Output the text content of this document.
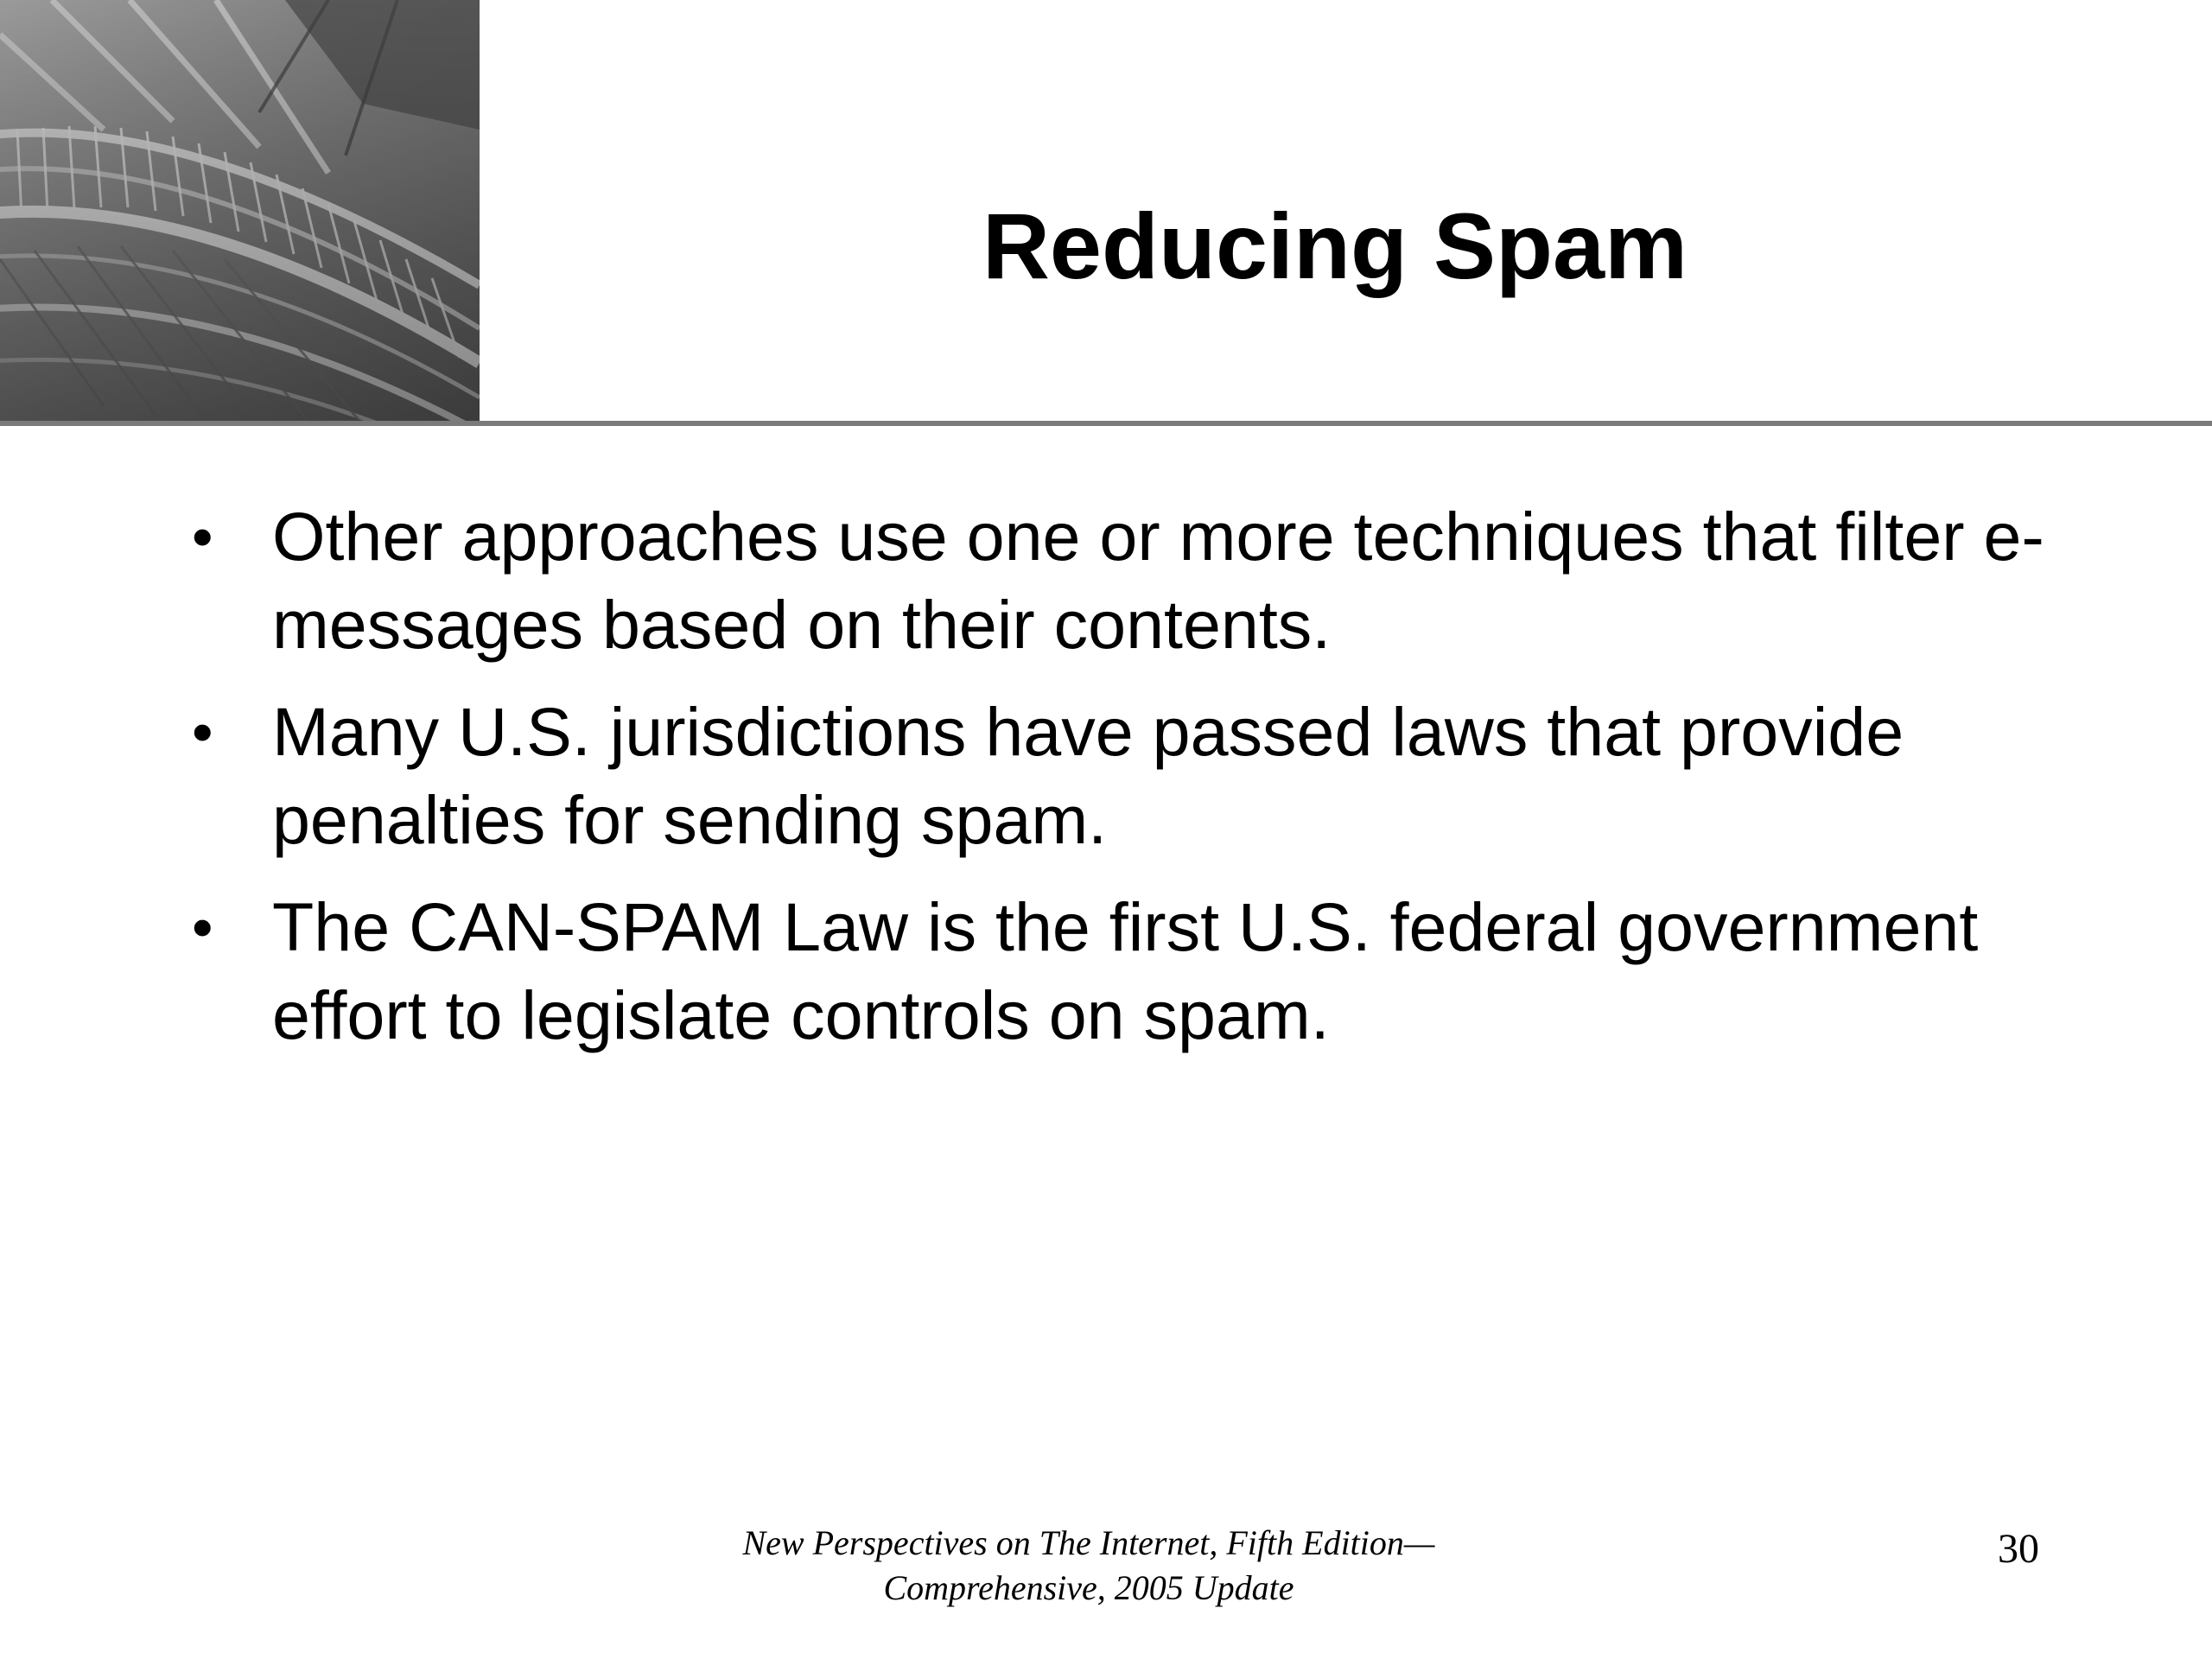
Reducing Spam
• Other approaches use one or more techniques that filter e-messages based on their contents.
• Many U.S. jurisdictions have passed laws that provide penalties for sending spam.
• The CAN-SPAM Law is the first U.S. federal government effort to legislate controls on spam.
New Perspectives on The Internet, Fifth Edition—
Comprehensive, 2005 Update
30
